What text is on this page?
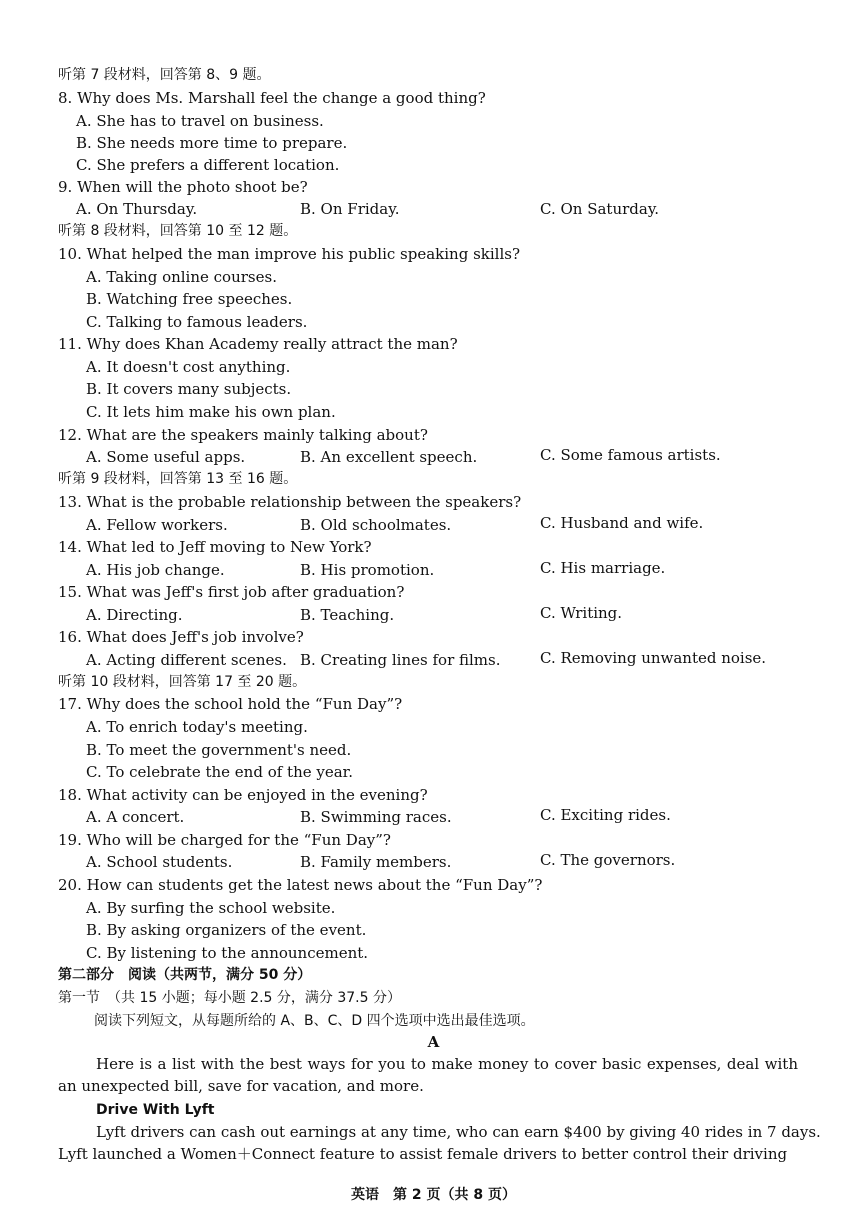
听第 7 段材料，回答第 8、9 题。
8. Why does Ms. Marshall feel the change a good thing?
A. She has to travel on business.
B. She needs more time to prepare.
C. She prefers a different location.
9. When will the photo shoot be?
A. On Thursday.	B. On Friday.	C. On Saturday.
听第 8 段材料，回答第 10 至 12 题。
10. What helped the man improve his public speaking skills?
A. Taking online courses.
B. Watching free speeches.
C. Talking to famous leaders.
11. Why does Khan Academy really attract the man?
A. It doesn't cost anything.
B. It covers many subjects.
C. It lets him make his own plan.
12. What are the speakers mainly talking about?
A. Some useful apps.	B. An excellent speech.	C. Some famous artists.
听第 9 段材料，回答第 13 至 16 题。
13. What is the probable relationship between the speakers?
A. Fellow workers.	B. Old schoolmates.	C. Husband and wife.
14. What led to Jeff moving to New York?
A. His job change.	B. His promotion.	C. His marriage.
15. What was Jeff's first job after graduation?
A. Directing.	B. Teaching.	C. Writing.
16. What does Jeff's job involve?
A. Acting different scenes. B. Creating lines for films.	C. Removing unwanted noise.
听第 10 段材料，回答第 17 至 20 题。
17. Why does the school hold the “Fun Day”?
A. To enrich today's meeting.
B. To meet the government's need.
C. To celebrate the end of the year.
18. What activity can be enjoyed in the evening?
A. A concert.	B. Swimming races.	C. Exciting rides.
19. Who will be charged for the “Fun Day”?
A. School students.	B. Family members.	C. The governors.
20. How can students get the latest news about the “Fun Day”?
A. By surfing the school website.
B. By asking organizers of the event.
C. By listening to the announcement.
第二部分　阅读（共两节，满分 50 分）
第一节　（共 15 小题；每小题 2.5 分，满分 37.5 分）
阅读下列短文，从每题所给的 A、B、C、D 四个选项中选出最佳选项。
A
Here is a list with the best ways for you to make money to cover basic expenses, deal with an unexpected bill, save for vacation, and more.
Drive With Lyft
Lyft drivers can cash out earnings at any time, who can earn $400 by giving 40 rides in 7 days.
Lyft launched a Women＋Connect feature to assist female drivers to better control their driving
英语　第 2 页（共 8 页）
